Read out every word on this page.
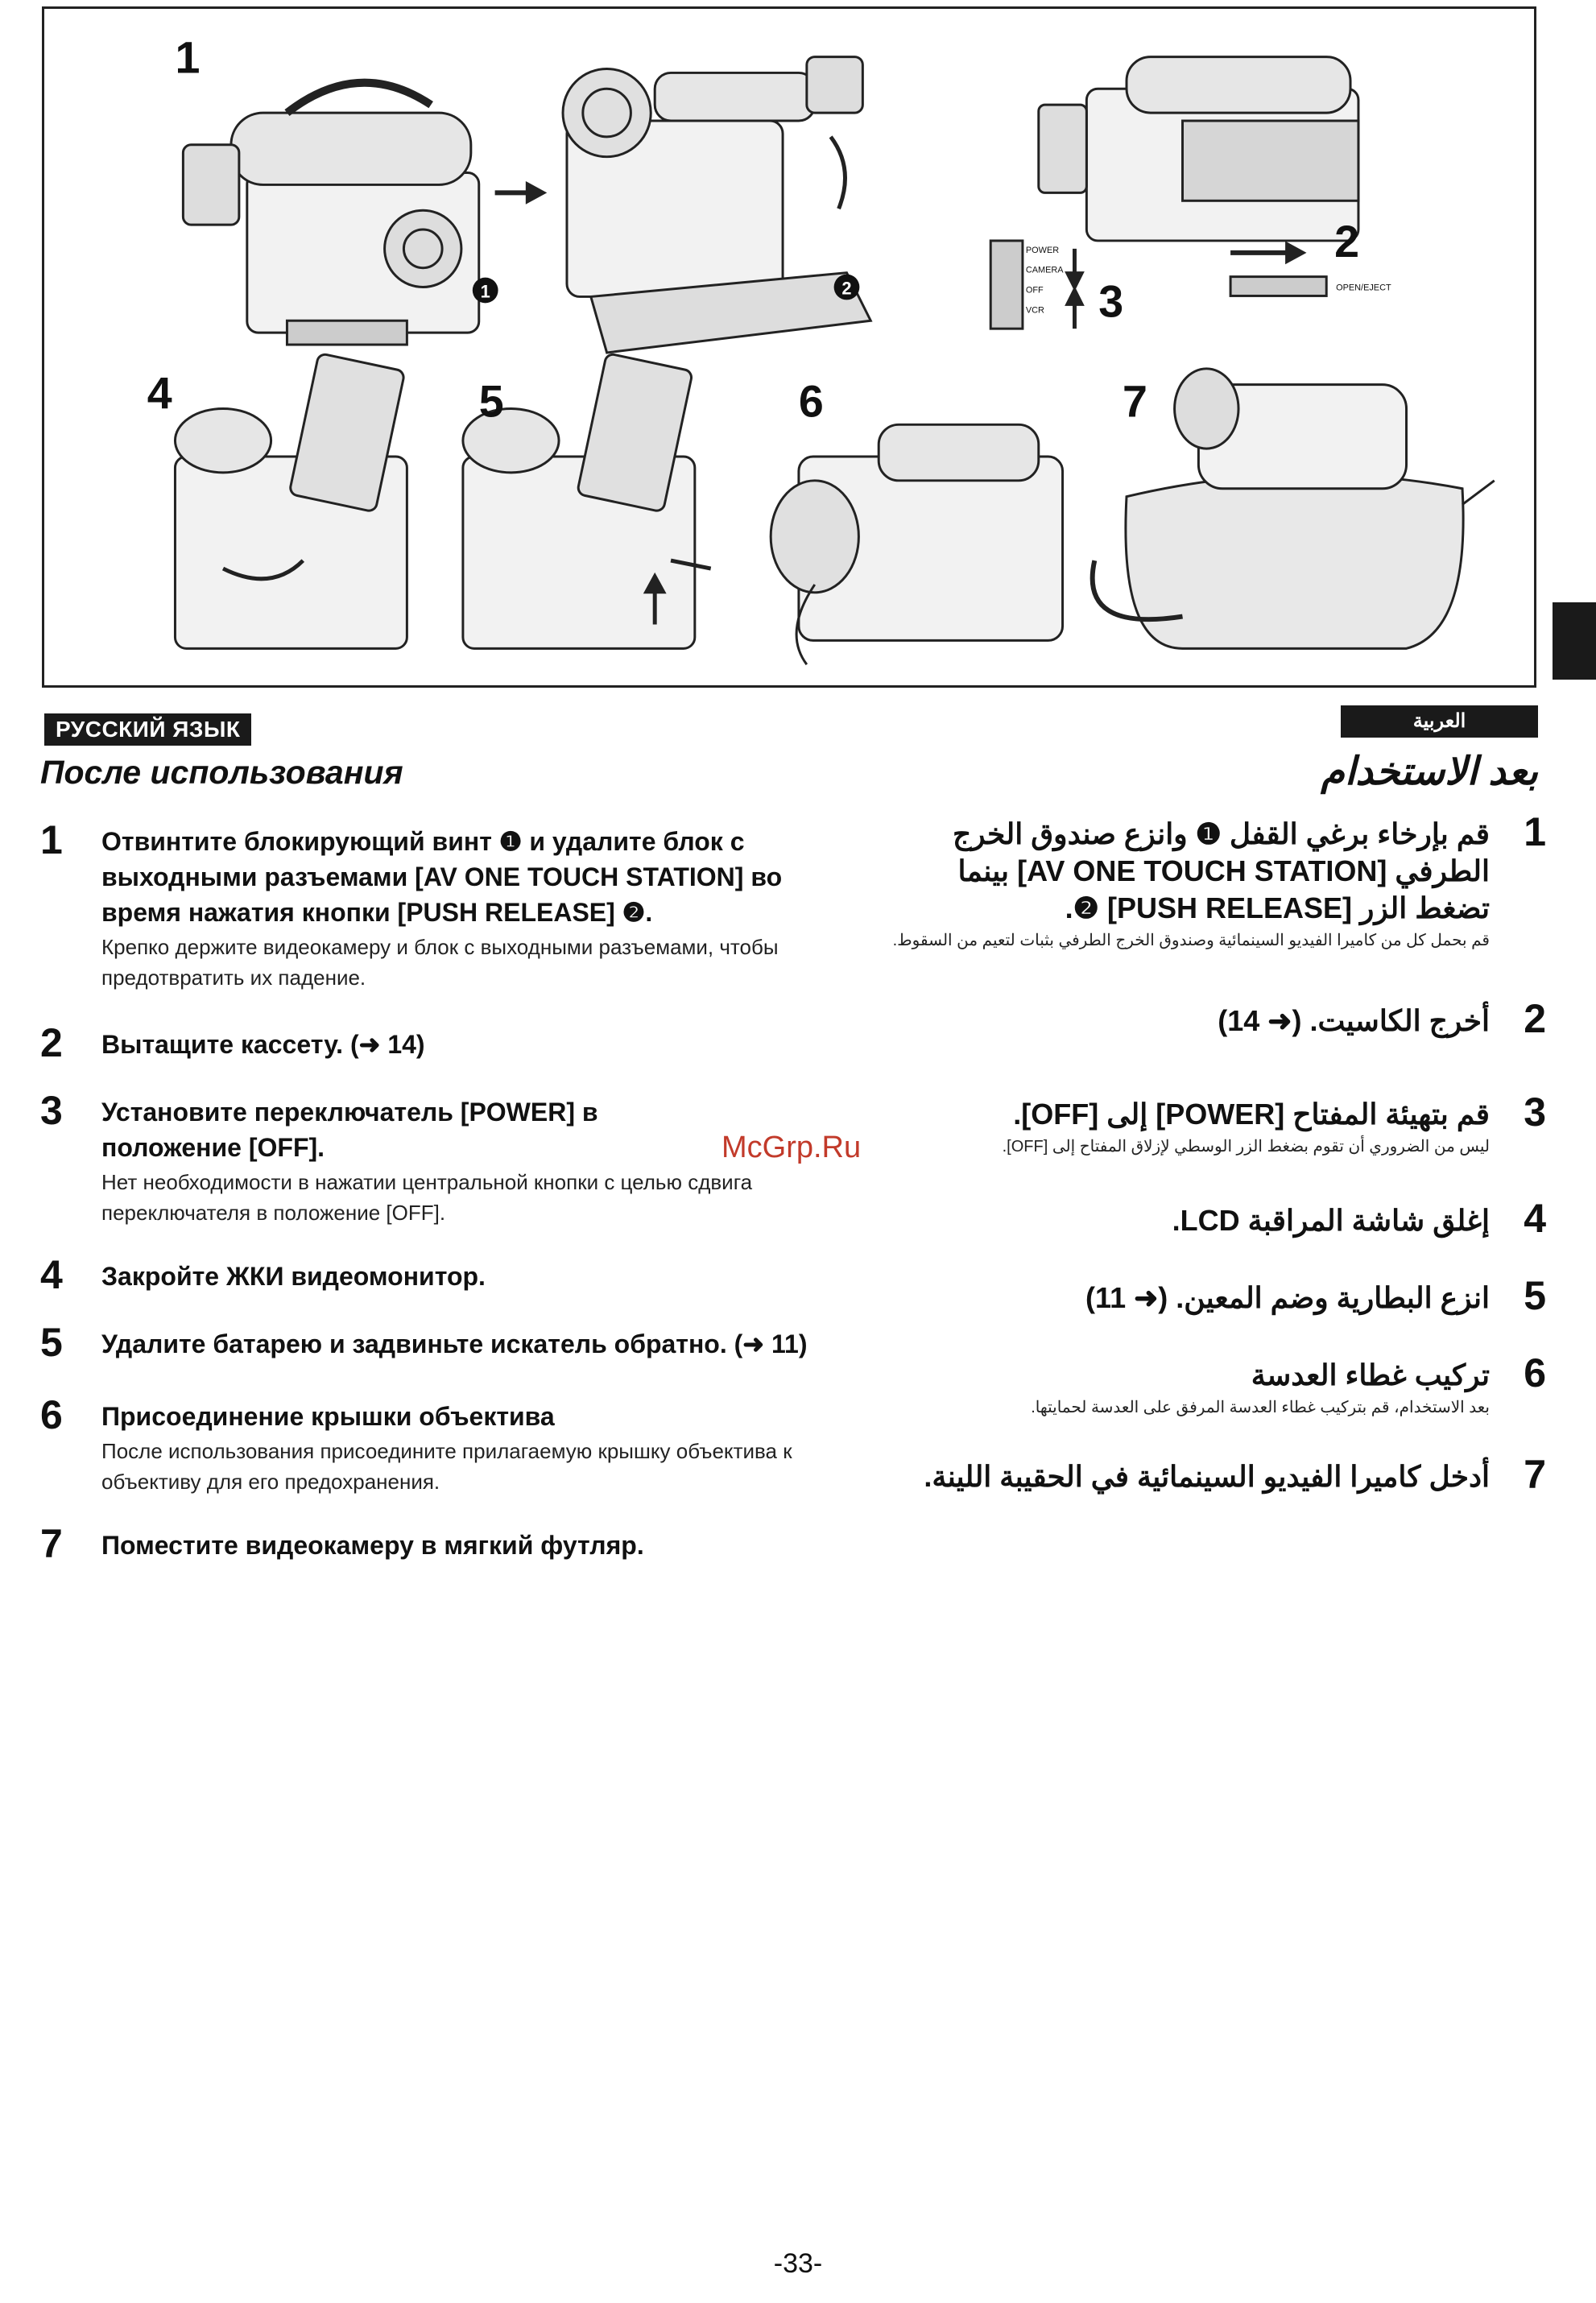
1
2
3
4	5	6	7
1	2
POWER
CAMERA
OFF
VCR
OPEN/EJECT
РУССКИЙ ЯЗЫК
После использования
1	Отвинтите блокирующий винт ❶ и удалите блок с выходными разъемами [AV ONE TOUCH STATION] во время нажатия кнопки [PUSH RELEASE] ❷.
Крепко держите видеокамеру и блок с выходными разъемами, чтобы предотвратить их падение.
2	Вытащите кассету. (➜ 14)
3	Установите переключатель [POWER] в положение [OFF].
Нет необходимости в нажатии центральной кнопки с целью сдвига переключателя в положение [OFF].
4	Закройте ЖКИ видеомонитор.
5	Удалите батарею и задвиньте искатель обратно. (➜ 11)
6	Присоединение крышки объектива
После использования присоедините прилагаемую крышку объектива к объективу для его предохранения.
7	Поместите видеокамеру в мягкий футляр.
العربية
بعد الاستخدام
1
قم بإرخاء برغي القفل ❶ وانزع صندوق الخرج الطرفي [AV ONE TOUCH STATION] بينما تضغط الزر [PUSH RELEASE] ❷.
قم بحمل كل من كاميرا الفيديو السينمائية وصندوق الخرج الطرفي بثبات لتعيم من السقوط.
2
أخرج الكاسيت. (➜ 14)
3
قم بتهيئة المفتاح [POWER] إلى [OFF].
ليس من الضروري أن تقوم بضغط الزر الوسطي لإزلاق المفتاح إلى [OFF].
4
إغلق شاشة المراقبة LCD.
5
انزع البطارية وضم المعين. (➜ 11)
6
تركيب غطاء العدسة
بعد الاستخدام، قم بتركيب غطاء العدسة المرفق على العدسة لحمايتها.
7
أدخل كاميرا الفيديو السينمائية في الحقيبة اللينة.
McGrp.Ru
-33-
